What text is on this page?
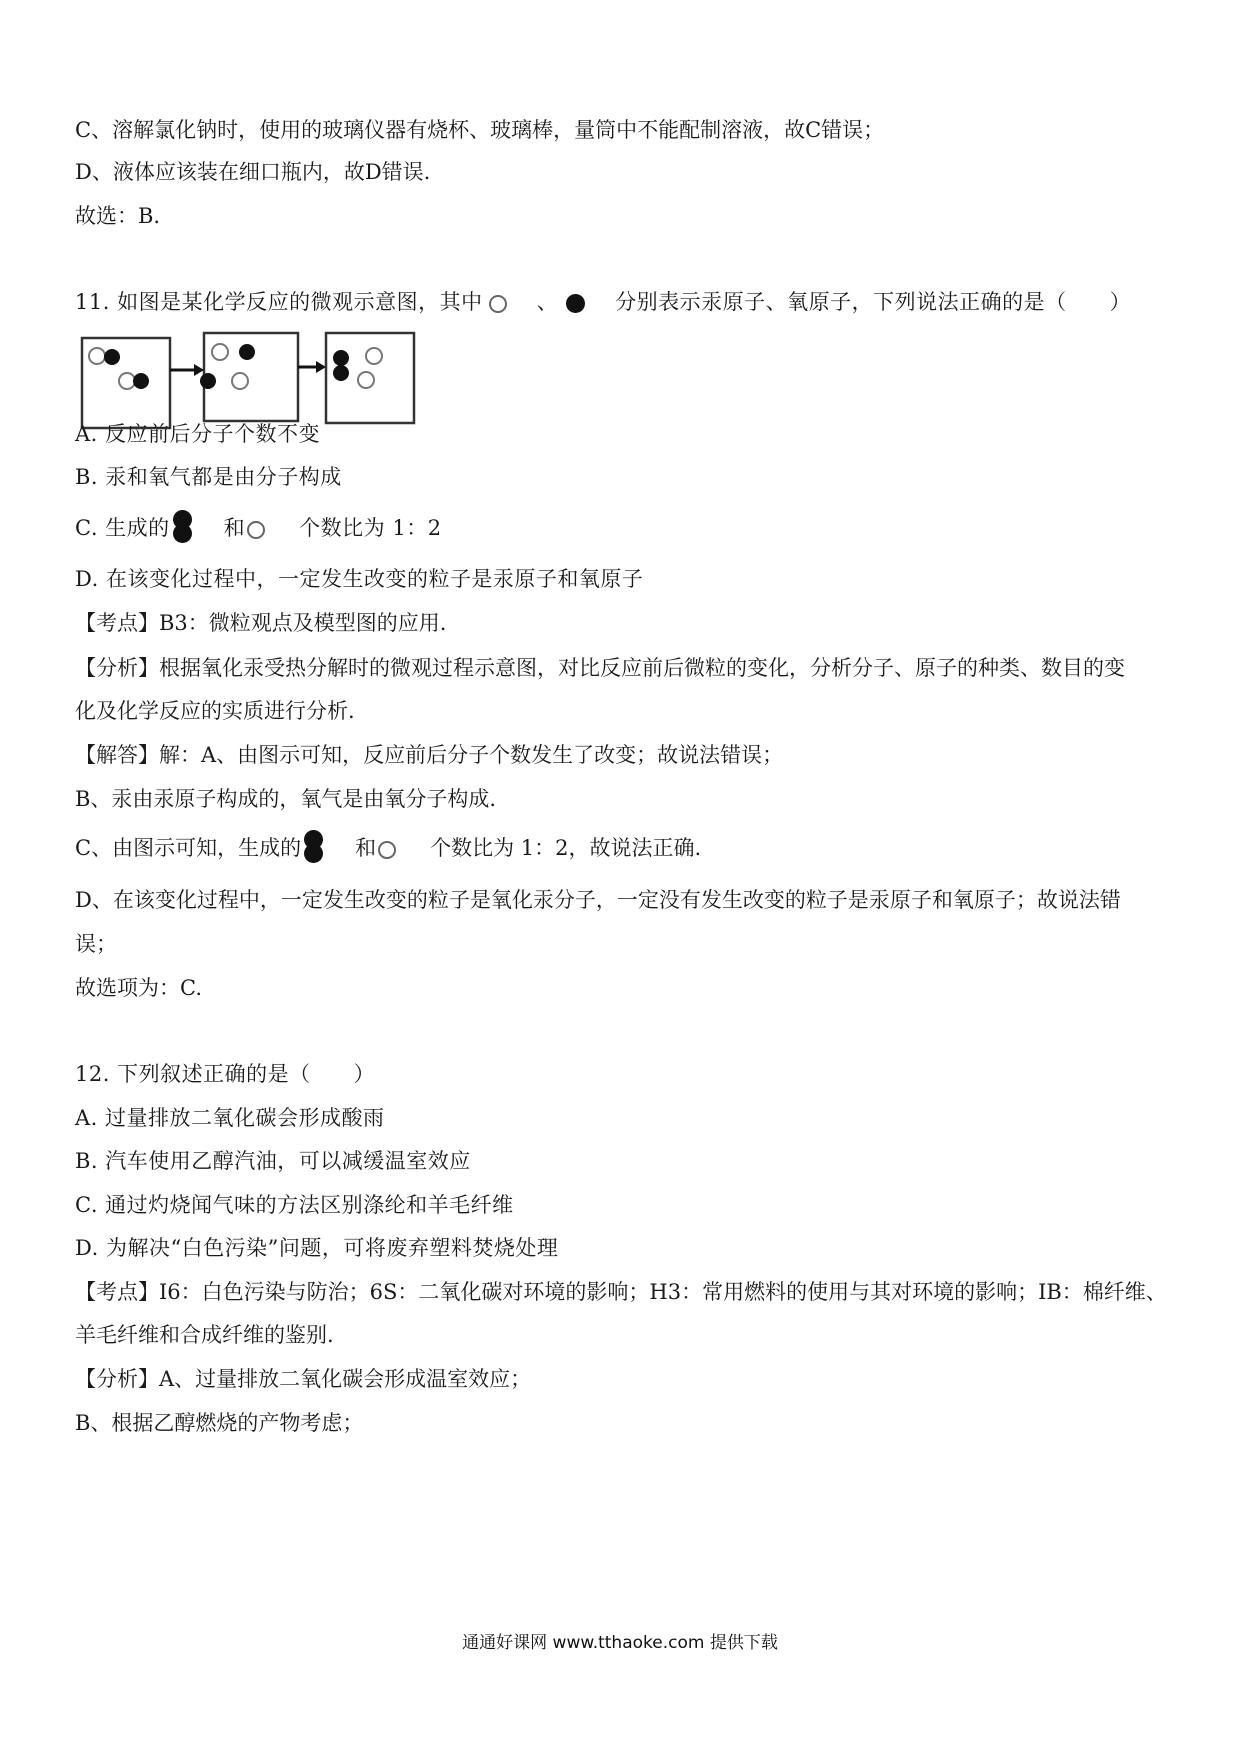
C、溶解氯化钠时，使用的玻璃仪器有烧杯、玻璃棒，量筒中不能配制溶液，故C错误；
D、液体应该装在细口瓶内，故D错误.
故选：B.
11. 如图是某化学反应的微观示意图，其中	、	分别表示汞原子、氧原子，下列说法正确的是（　　）
A. 反应前后分子个数不变
B. 汞和氧气都是由分子构成
C. 生成的	和	个数比为 1：2
D. 在该变化过程中，一定发生改变的粒子是汞原子和氧原子
【考点】B3：微粒观点及模型图的应用.
【分析】根据氧化汞受热分解时的微观过程示意图，对比反应前后微粒的变化，分析分子、原子的种类、数目的变
化及化学反应的实质进行分析.
【解答】解：A、由图示可知，反应前后分子个数发生了改变；故说法错误；
B、汞由汞原子构成的，氧气是由氧分子构成.
C、由图示可知，生成的	和	个数比为 1：2，故说法正确.
D、在该变化过程中，一定发生改变的粒子是氧化汞分子，一定没有发生改变的粒子是汞原子和氧原子；故说法错
误；
故选项为：C.
12. 下列叙述正确的是（　　）
A. 过量排放二氧化碳会形成酸雨
B. 汽车使用乙醇汽油，可以减缓温室效应
C. 通过灼烧闻气味的方法区别涤纶和羊毛纤维
D. 为解决“白色污染”问题，可将废弃塑料焚烧处理
【考点】I6：白色污染与防治；6S：二氧化碳对环境的影响；H3：常用燃料的使用与其对环境的影响；IB：棉纤维、
羊毛纤维和合成纤维的鉴别.
【分析】A、过量排放二氧化碳会形成温室效应；
B、根据乙醇燃烧的产物考虑；
通通好课网 www.tthaoke.com 提供下载
